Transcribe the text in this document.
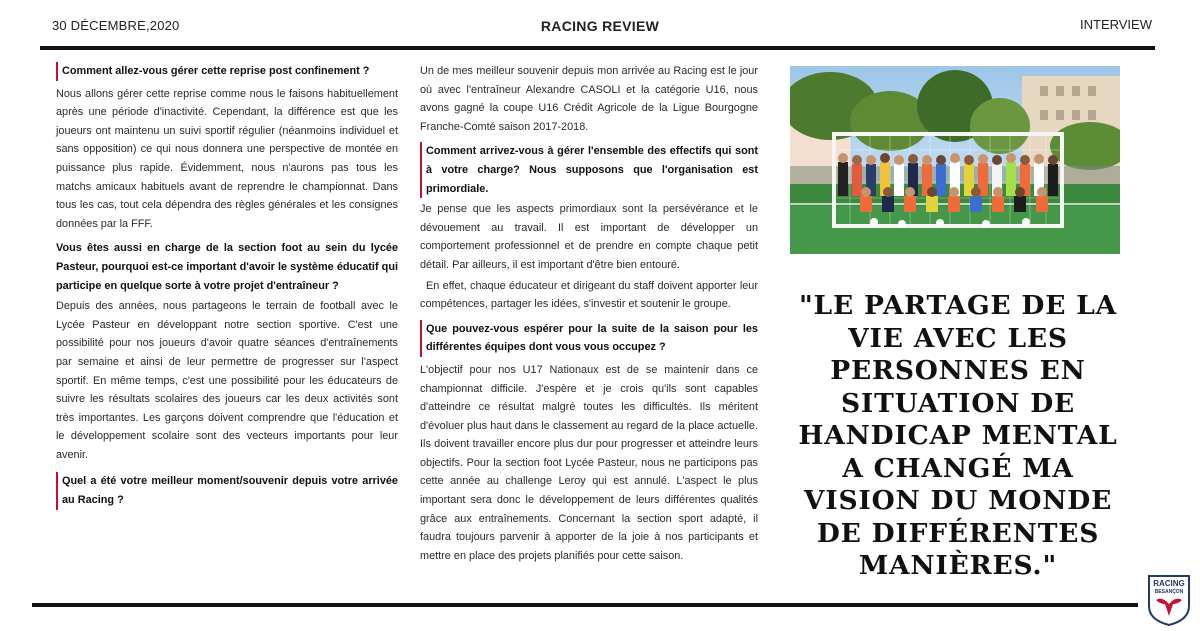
30 DÉCEMBRE,2020	RACING REVIEW	INTERVIEW

Comment allez-vous gérer cette reprise post confinement ?

Nous allons gérer cette reprise comme nous le faisons habituellement après une période d'inactivité. Cependant, la différence est que les joueurs ont maintenu un suivi sportif régulier (néanmoins individuel et sans opposition) ce qui nous donnera une perspective de montée en puissance plus rapide. Évidemment, nous n'aurons pas tous les matchs amicaux habituels avant de reprendre le championnat. Dans tous les cas, tout cela dépendra des règles générales et les consignes données par la FFF.

Vous êtes aussi en charge de la section foot au sein du lycée Pasteur, pourquoi est-ce important d'avoir le système éducatif qui participe en quelque sorte à votre projet d'entraîneur ?

Depuis des années, nous partageons le terrain de football avec le Lycée Pasteur en développant notre section sportive. C'est une possibilité pour nos joueurs d'avoir quatre séances d'entraînements par semaine et ainsi de leur permettre de progresser sur l'aspect sportif. En même temps, c'est une possibilité pour les éducateurs de suivre les résultats scolaires des joueurs car les deux activités sont très importantes. Les garçons doivent comprendre que l'éducation et le développement scolaire sont des vecteurs importants pour leur avenir.

Quel a été votre meilleur moment/souvenir depuis votre arrivée au Racing ?

Un de mes meilleur souvenir depuis mon arrivée au Racing est le jour où avec l'entraîneur Alexandre CASOLI et la catégorie U16, nous avons gagné la coupe U16 Crédit Agricole de la Ligue Bourgogne Franche-Comté saison 2017-2018.

Comment arrivez-vous à gérer l'ensemble des effectifs qui sont à votre charge? Nous supposons que l'organisation est primordiale.

Je pense que les aspects primordiaux sont la persévérance et le dévouement au travail. Il est important de développer un comportement professionnel et de prendre en compte chaque petit détail. Par ailleurs, il est important d'être bien entouré.

En effet, chaque éducateur et dirigeant du staff doivent apporter leur compétences, partager les idées, s'investir et soutenir le groupe.

Que pouvez-vous espérer pour la suite de la saison pour les différentes équipes dont vous vous occupez ?

L'objectif pour nos U17 Nationaux est de se maintenir dans ce championnat difficile. J'espère et je crois qu'ils sont capables d'atteindre ce résultat malgré toutes les difficultés. Ils méritent d'évoluer plus haut dans le classement au regard de la place actuelle. Ils doivent travailler encore plus dur pour progresser et atteindre leurs objectifs. Pour la section foot Lycée Pasteur, nous ne participons pas cette année au challenge Leroy qui est annulé. L'aspect le plus important sera donc le développement de leurs différentes qualités grâce aux entraînements. Concernant la section sport adapté, il faudra toujours parvenir à apporter de la joie à nos participants et mettre en place des projets planifiés pour cette saison.

"LE PARTAGE DE LA VIE AVEC LES PERSONNES EN SITUATION DE HANDICAP MENTAL A CHANGÉ MA VISION DU MONDE DE DIFFÉRENTES MANIÈRES."
RACING
BESANÇON
